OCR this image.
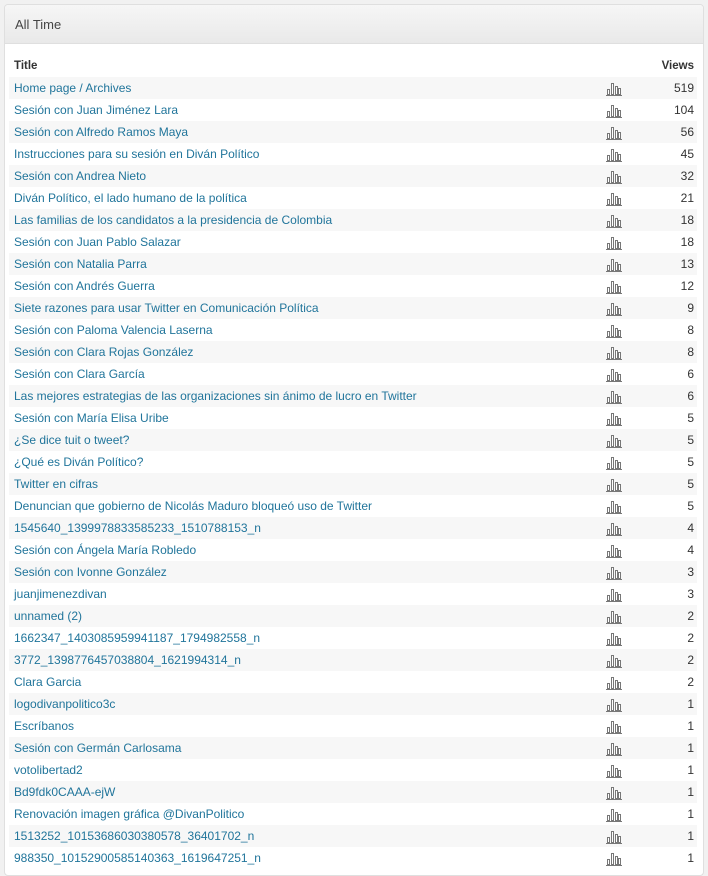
All Time
Title	Views
Home page / Archives	519
Sesión con Juan Jiménez Lara	104
Sesión con Alfredo Ramos Maya	56
Instrucciones para su sesión en Diván Político	45
Sesión con Andrea Nieto	32
Diván Político, el lado humano de la política	21
Las familias de los candidatos a la presidencia de Colombia	18
Sesión con Juan Pablo Salazar	18
Sesión con Natalia Parra	13
Sesión con Andrés Guerra	12
Siete razones para usar Twitter en Comunicación Política	9
Sesión con Paloma Valencia Laserna	8
Sesión con Clara Rojas González	8
Sesión con Clara García	6
Las mejores estrategias de las organizaciones sin ánimo de lucro en Twitter	6
Sesión con María Elisa Uribe	5
¿Se dice tuit o tweet?	5
¿Qué es Diván Político?	5
Twitter en cifras	5
Denuncian que gobierno de Nicolás Maduro bloqueó uso de Twitter	5
1545640_1399978833585233_1510788153_n	4
Sesión con Ángela María Robledo	4
Sesión con Ivonne González	3
juanjimenezdivan	3
unnamed (2)	2
1662347_1403085959941187_1794982558_n	2
3772_1398776457038804_1621994314_n	2
Clara Garcia	2
logodivanpolitico3c	1
Escríbanos	1
Sesión con Germán Carlosama	1
votolibertad2	1
Bd9fdk0CAAA-ejW	1
Renovación imagen gráfica @DivanPolitico	1
1513252_10153686030380578_36401702_n	1
988350_10152900585140363_1619647251_n	1
